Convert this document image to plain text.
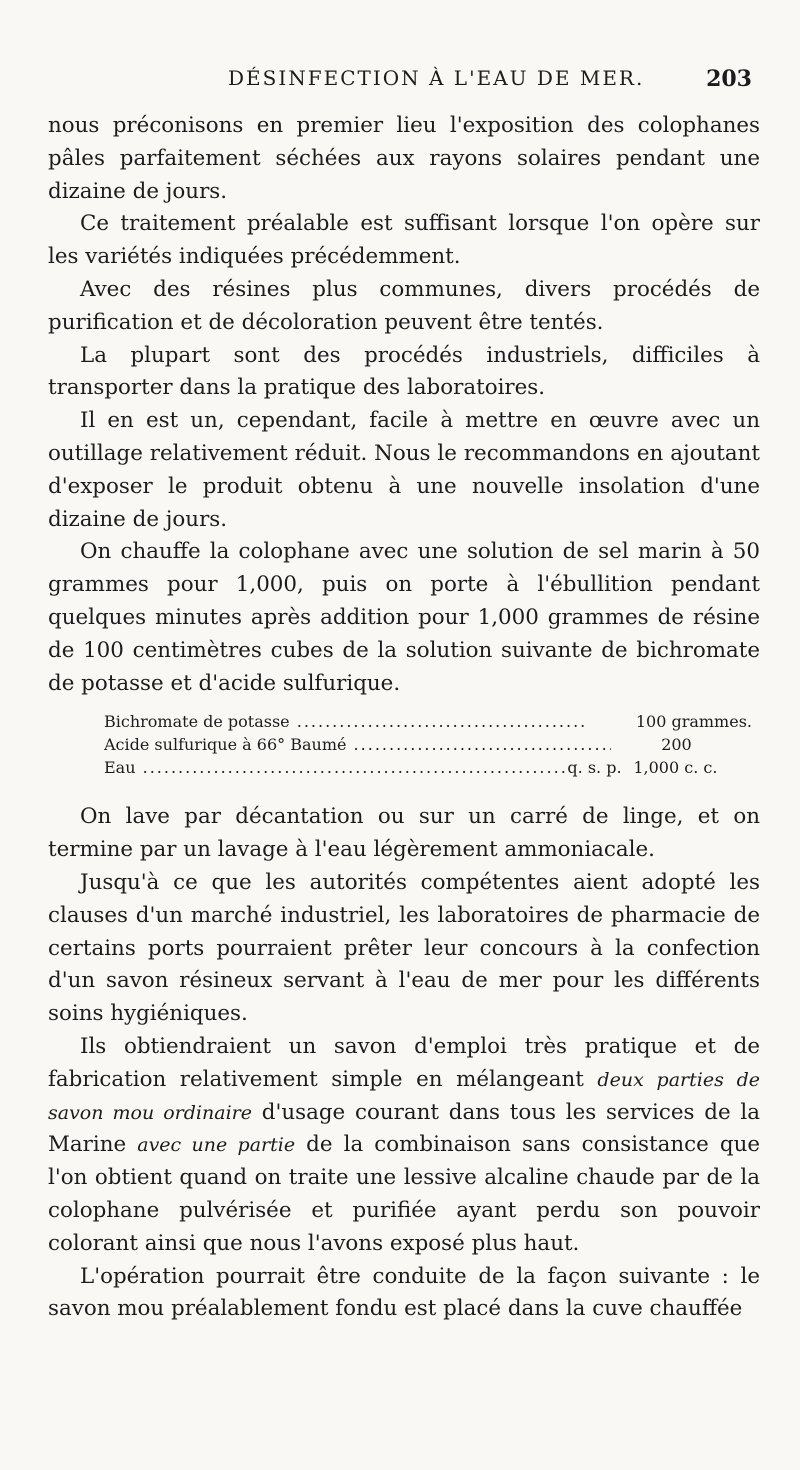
DÉSINFECTION À L'EAU DE MER.	203

nous préconisons en premier lieu l'exposition des colophanes pâles parfaitement séchées aux rayons solaires pendant une dizaine de jours.

Ce traitement préalable est suffisant lorsque l'on opère sur les variétés indiquées précédemment.

Avec des résines plus communes, divers procédés de purification et de décoloration peuvent être tentés.

La plupart sont des procédés industriels, difficiles à transporter dans la pratique des laboratoires.

Il en est un, cependant, facile à mettre en œuvre avec un outillage relativement réduit. Nous le recommandons en ajoutant d'exposer le produit obtenu à une nouvelle insolation d'une dizaine de jours.

On chauffe la colophane avec une solution de sel marin à 50 grammes pour 1,000, puis on porte à l'ébullition pendant quelques minutes après addition pour 1,000 grammes de résine de 100 centimètres cubes de la solution suivante de bichromate de potasse et d'acide sulfurique.

Bichromate de potasse .....	100 grammes.
Acide sulfurique à 66° Baumé .....	200
Eau .....	q. s. p. 1,000 c. c.

On lave par décantation ou sur un carré de linge, et on termine par un lavage à l'eau légèrement ammoniacale.

Jusqu'à ce que les autorités compétentes aient adopté les clauses d'un marché industriel, les laboratoires de pharmacie de certains ports pourraient prêter leur concours à la confection d'un savon résineux servant à l'eau de mer pour les différents soins hygiéniques.

Ils obtiendraient un savon d'emploi très pratique et de fabrication relativement simple en mélangeant deux parties de savon mou ordinaire d'usage courant dans tous les services de la Marine avec une partie de la combinaison sans consistance que l'on obtient quand on traite une lessive alcaline chaude par de la colophane pulvérisée et purifiée ayant perdu son pouvoir colorant ainsi que nous l'avons exposé plus haut.

L'opération pourrait être conduite de la façon suivante : le savon mou préalablement fondu est placé dans la cuve chauffée
